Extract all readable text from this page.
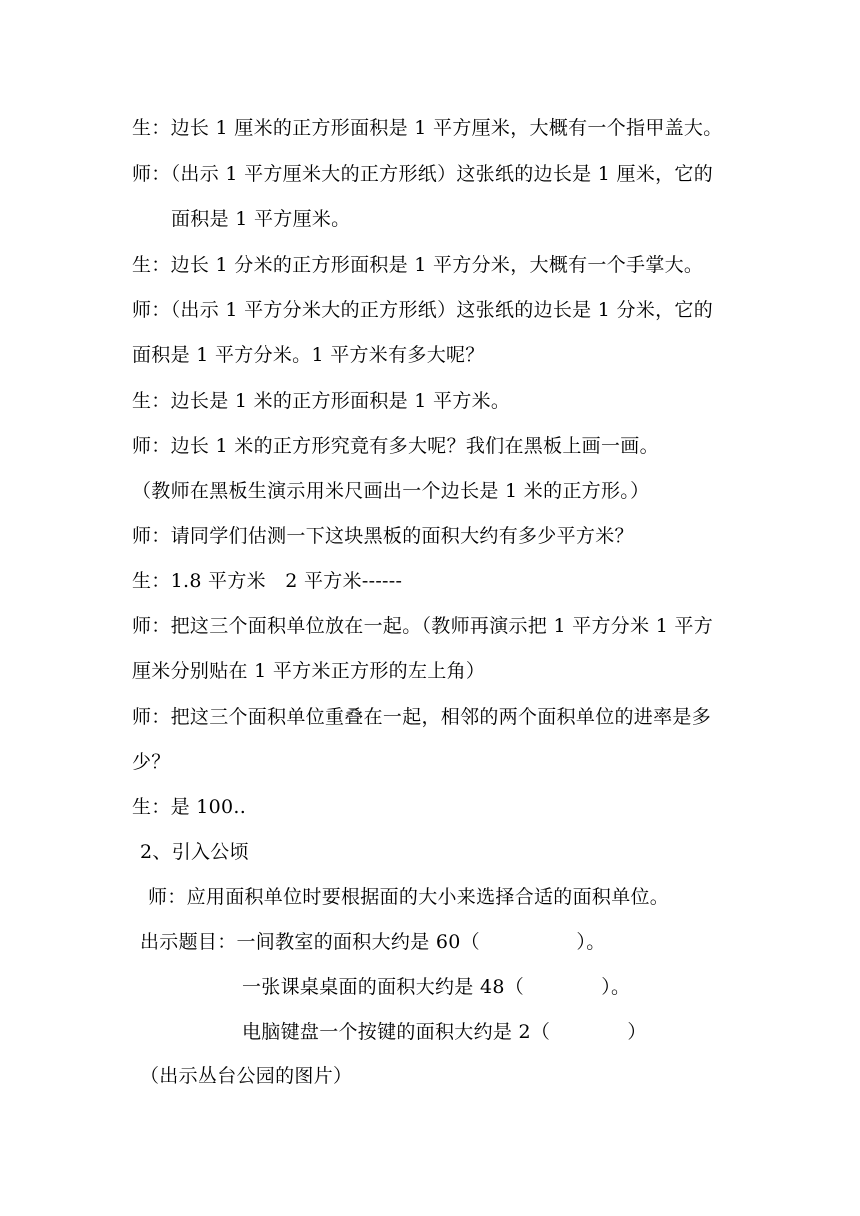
生：边长 1 厘米的正方形面积是 1 平方厘米，大概有一个指甲盖大。
师：（出示 1 平方厘米大的正方形纸）这张纸的边长是 1 厘米，它的
面积是 1 平方厘米。
生：边长 1 分米的正方形面积是 1 平方分米，大概有一个手掌大。
师：（出示 1 平方分米大的正方形纸）这张纸的边长是 1 分米，它的
面积是 1 平方分米。1 平方米有多大呢？
生：边长是 1 米的正方形面积是 1 平方米。
师：边长 1 米的正方形究竟有多大呢？我们在黑板上画一画。
（教师在黑板生演示用米尺画出一个边长是 1 米的正方形。）
师：请同学们估测一下这块黑板的面积大约有多少平方米？
生：1.8 平方米　2 平方米------
师：把这三个面积单位放在一起。（教师再演示把 1 平方分米 1 平方
厘米分别贴在 1 平方米正方形的左上角）
师：把这三个面积单位重叠在一起，相邻的两个面积单位的进率是多
少？
生：是 100..
2、引入公顷
师：应用面积单位时要根据面的大小来选择合适的面积单位。
出示题目：一间教室的面积大约是 60（　　　　　）。
一张课桌桌面的面积大约是 48（　　　　）。
电脑键盘一个按键的面积大约是 2（　　　　）
（出示丛台公园的图片）
